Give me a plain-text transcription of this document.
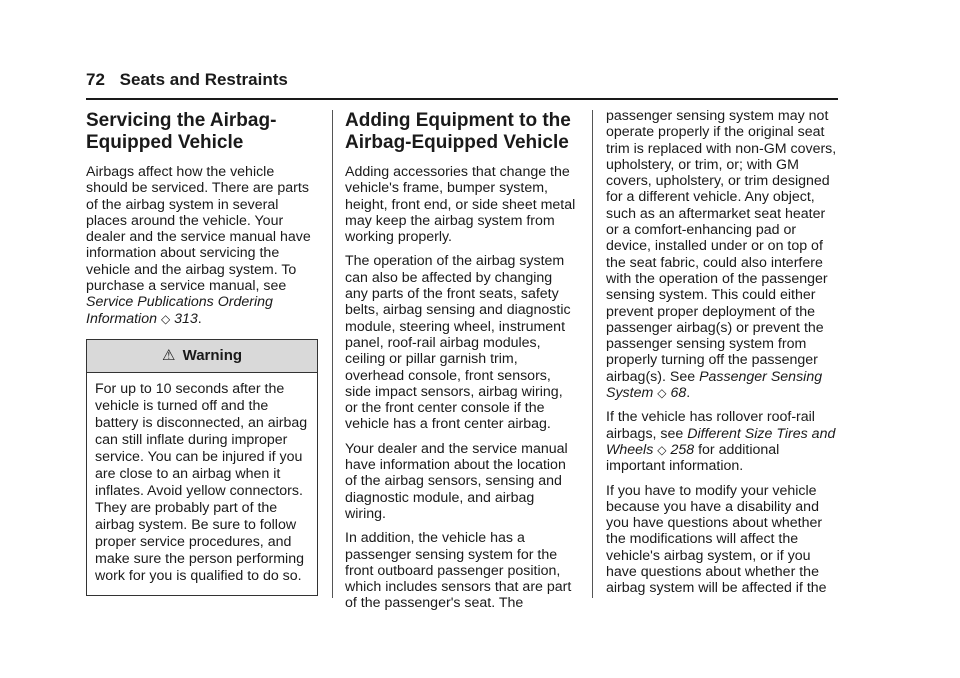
72 Seats and Restraints
Servicing the Airbag-Equipped Vehicle

Airbags affect how the vehicle should be serviced. There are parts of the airbag system in several places around the vehicle. Your dealer and the service manual have information about servicing the vehicle and the airbag system. To purchase a service manual, see Service Publications Ordering Information ◇ 313.

⚠ Warning
For up to 10 seconds after the vehicle is turned off and the battery is disconnected, an airbag can still inflate during improper service. You can be injured if you are close to an airbag when it inflates. Avoid yellow connectors. They are probably part of the airbag system. Be sure to follow proper service procedures, and make sure the person performing work for you is qualified to do so.
Adding Equipment to the Airbag-Equipped Vehicle

Adding accessories that change the vehicle's frame, bumper system, height, front end, or side sheet metal may keep the airbag system from working properly.

The operation of the airbag system can also be affected by changing any parts of the front seats, safety belts, airbag sensing and diagnostic module, steering wheel, instrument panel, roof-rail airbag modules, ceiling or pillar garnish trim, overhead console, front sensors, side impact sensors, airbag wiring, or the front center console if the vehicle has a front center airbag.

Your dealer and the service manual have information about the location of the airbag sensors, sensing and diagnostic module, and airbag wiring.

In addition, the vehicle has a passenger sensing system for the front outboard passenger position, which includes sensors that are part of the passenger's seat. The

passenger sensing system may not operate properly if the original seat trim is replaced with non-GM covers, upholstery, or trim, or; with GM covers, upholstery, or trim designed for a different vehicle. Any object, such as an aftermarket seat heater or a comfort-enhancing pad or device, installed under or on top of the seat fabric, could also interfere with the operation of the passenger sensing system. This could either prevent proper deployment of the passenger airbag(s) or prevent the passenger sensing system from properly turning off the passenger airbag(s). See Passenger Sensing System ◇ 68.

If the vehicle has rollover roof-rail airbags, see Different Size Tires and Wheels ◇ 258 for additional important information.

If you have to modify your vehicle because you have a disability and you have questions about whether the modifications will affect the vehicle's airbag system, or if you have questions about whether the airbag system will be affected if the
